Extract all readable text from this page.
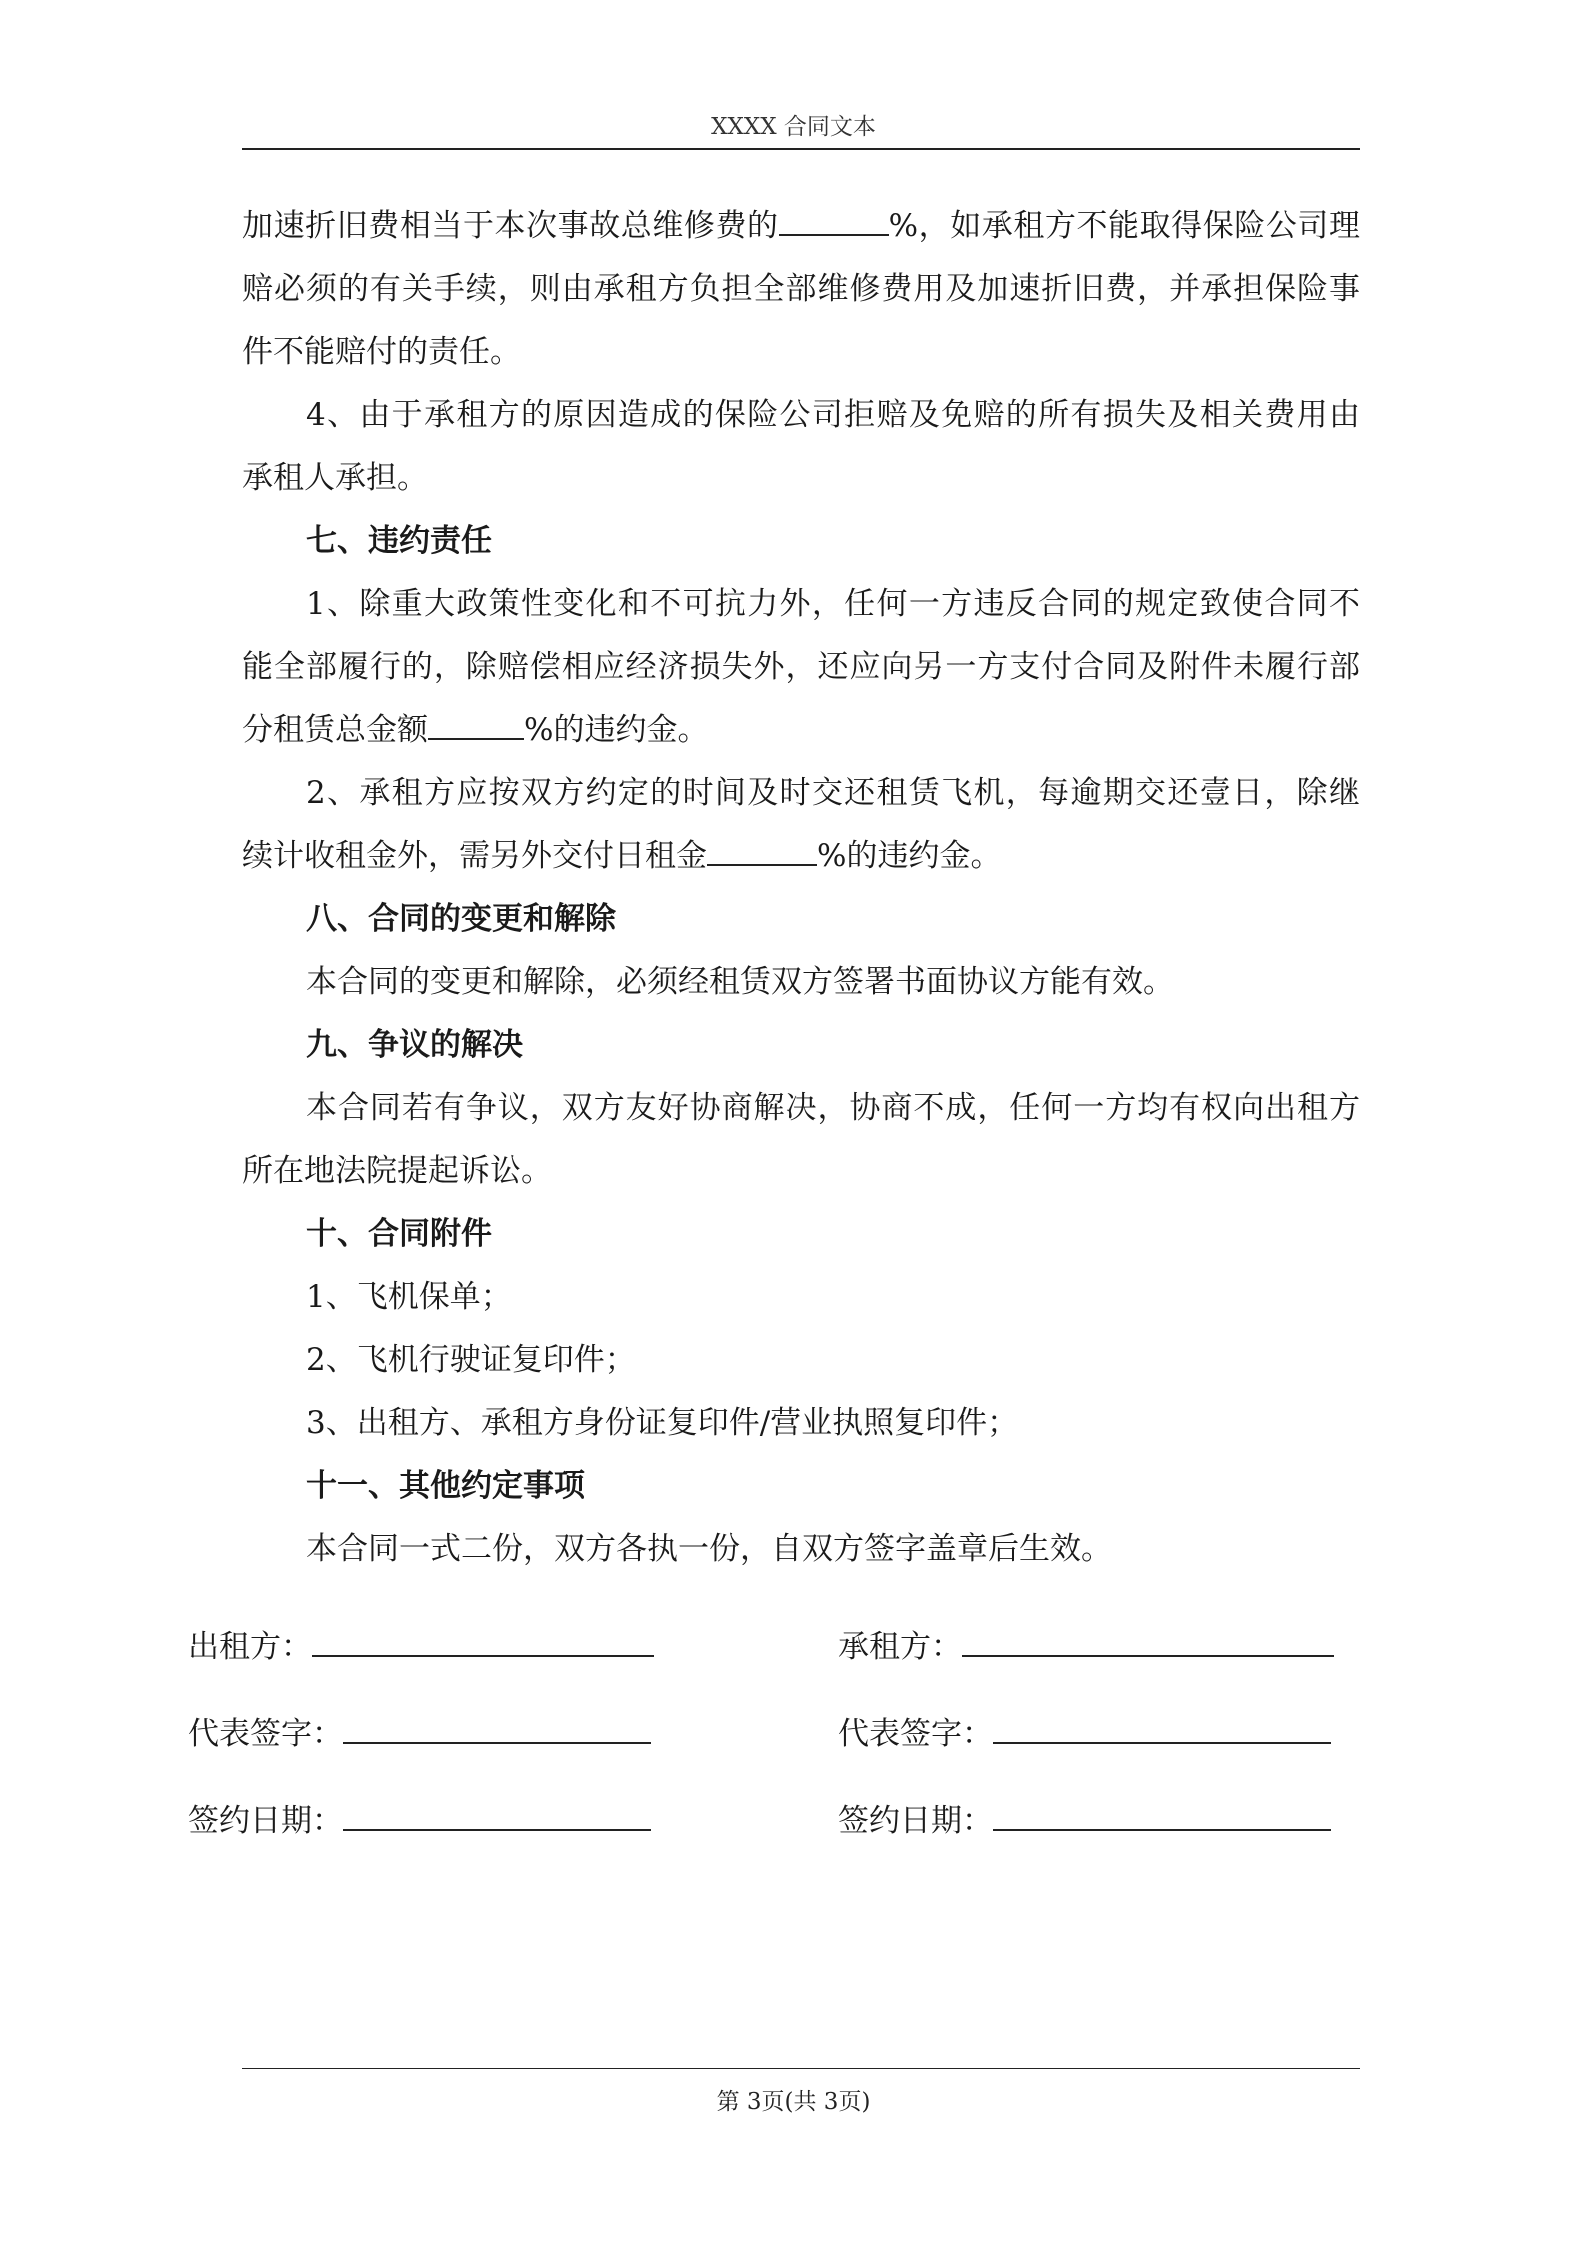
XXXX 合同文本
加速折旧费相当于本次事故总维修费的	%，如承租方不能取得保险公司理
赔必须的有关手续，则由承租方负担全部维修费用及加速折旧费，并承担保险事
件不能赔付的责任。
4、由于承租方的原因造成的保险公司拒赔及免赔的所有损失及相关费用由
承租人承担。
七、违约责任
1、除重大政策性变化和不可抗力外，任何一方违反合同的规定致使合同不
能全部履行的，除赔偿相应经济损失外，还应向另一方支付合同及附件未履行部
分租赁总金额	%的违约金。
2、承租方应按双方约定的时间及时交还租赁飞机，每逾期交还壹日，除继
续计收租金外，需另外交付日租金	%的违约金。
八、合同的变更和解除
本合同的变更和解除，必须经租赁双方签署书面协议方能有效。
九、争议的解决
本合同若有争议，双方友好协商解决，协商不成，任何一方均有权向出租方
所在地法院提起诉讼。
十、合同附件
1、飞机保单；
2、飞机行驶证复印件；
3、出租方、承租方身份证复印件/营业执照复印件；
十一、其他约定事项
本合同一式二份，双方各执一份，自双方签字盖章后生效。
出租方：	承租方：
代表签字：	代表签字：
签约日期：	签约日期：
第 3页(共 3页)
